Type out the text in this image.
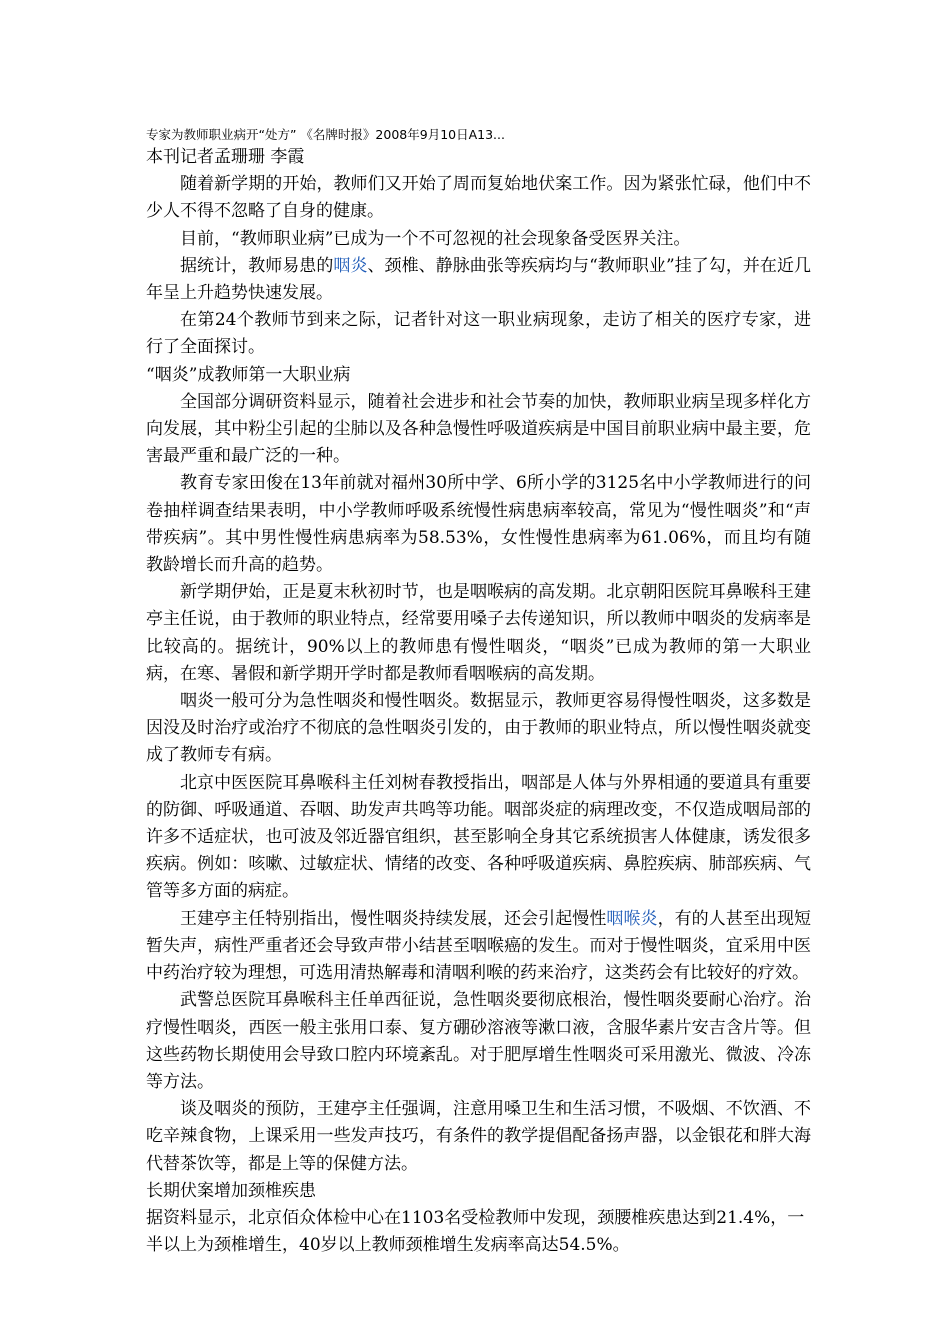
专家为教师职业病开“处方” 《名牌时报》2008年9月10日A13...

本刊记者孟珊珊 李霞

随着新学期的开始，教师们又开始了周而复始地伏案工作。因为紧张忙碌，他们中不少人不得不忽略了自身的健康。

目前，“教师职业病”已成为一个不可忽视的社会现象备受医界关注。

据统计，教师易患的咽炎、颈椎、静脉曲张等疾病均与“教师职业”挂了勾，并在近几年呈上升趋势快速发展。

在第24个教师节到来之际，记者针对这一职业病现象，走访了相关的医疗专家，进行了全面探讨。

“咽炎”成教师第一大职业病

全国部分调研资料显示，随着社会进步和社会节奏的加快，教师职业病呈现多样化方向发展，其中粉尘引起的尘肺以及各种急慢性呼吸道疾病是中国目前职业病中最主要，危害最严重和最广泛的一种。

教育专家田俊在13年前就对福州30所中学、6所小学的3125名中小学教师进行的问卷抽样调查结果表明，中小学教师呼吸系统慢性病患病率较高，常见为“慢性咽炎”和“声带疾病”。其中男性慢性病患病率为58.53%，女性慢性患病率为61.06%，而且均有随教龄增长而升高的趋势。

新学期伊始，正是夏末秋初时节，也是咽喉病的高发期。北京朝阳医院耳鼻喉科王建亭主任说，由于教师的职业特点，经常要用嗓子去传递知识，所以教师中咽炎的发病率是比较高的。据统计，90%以上的教师患有慢性咽炎，“咽炎”已成为教师的第一大职业病，在寒、暑假和新学期开学时都是教师看咽喉病的高发期。

咽炎一般可分为急性咽炎和慢性咽炎。数据显示，教师更容易得慢性咽炎，这多数是因没及时治疗或治疗不彻底的急性咽炎引发的，由于教师的职业特点，所以慢性咽炎就变成了教师专有病。

北京中医医院耳鼻喉科主任刘树春教授指出，咽部是人体与外界相通的要道具有重要的防御、呼吸通道、吞咽、助发声共鸣等功能。咽部炎症的病理改变，不仅造成咽局部的许多不适症状，也可波及邻近器官组织，甚至影响全身其它系统损害人体健康，诱发很多疾病。例如：咳嗽、过敏症状、情绪的改变、各种呼吸道疾病、鼻腔疾病、肺部疾病、气管等多方面的病症。

王建亭主任特别指出，慢性咽炎持续发展，还会引起慢性咽喉炎，有的人甚至出现短暂失声，病性严重者还会导致声带小结甚至咽喉癌的发生。而对于慢性咽炎，宜采用中医中药治疗较为理想，可选用清热解毒和清咽利喉的药来治疗，这类药会有比较好的疗效。

武警总医院耳鼻喉科主任单西征说，急性咽炎要彻底根治，慢性咽炎要耐心治疗。治疗慢性咽炎，西医一般主张用口泰、复方硼砂溶液等漱口液，含服华素片安吉含片等。但这些药物长期使用会导致口腔内环境紊乱。对于肥厚增生性咽炎可采用激光、微波、冷冻等方法。

谈及咽炎的预防，王建亭主任强调，注意用嗓卫生和生活习惯，不吸烟、不饮酒、不吃辛辣食物，上课采用一些发声技巧，有条件的教学提倡配备扬声器，以金银花和胖大海代替茶饮等，都是上等的保健方法。

长期伏案增加颈椎疾患

据资料显示，北京佰众体检中心在1103名受检教师中发现，颈腰椎疾患达到21.4%，一半以上为颈椎增生，40岁以上教师颈椎增生发病率高达54.5%。
